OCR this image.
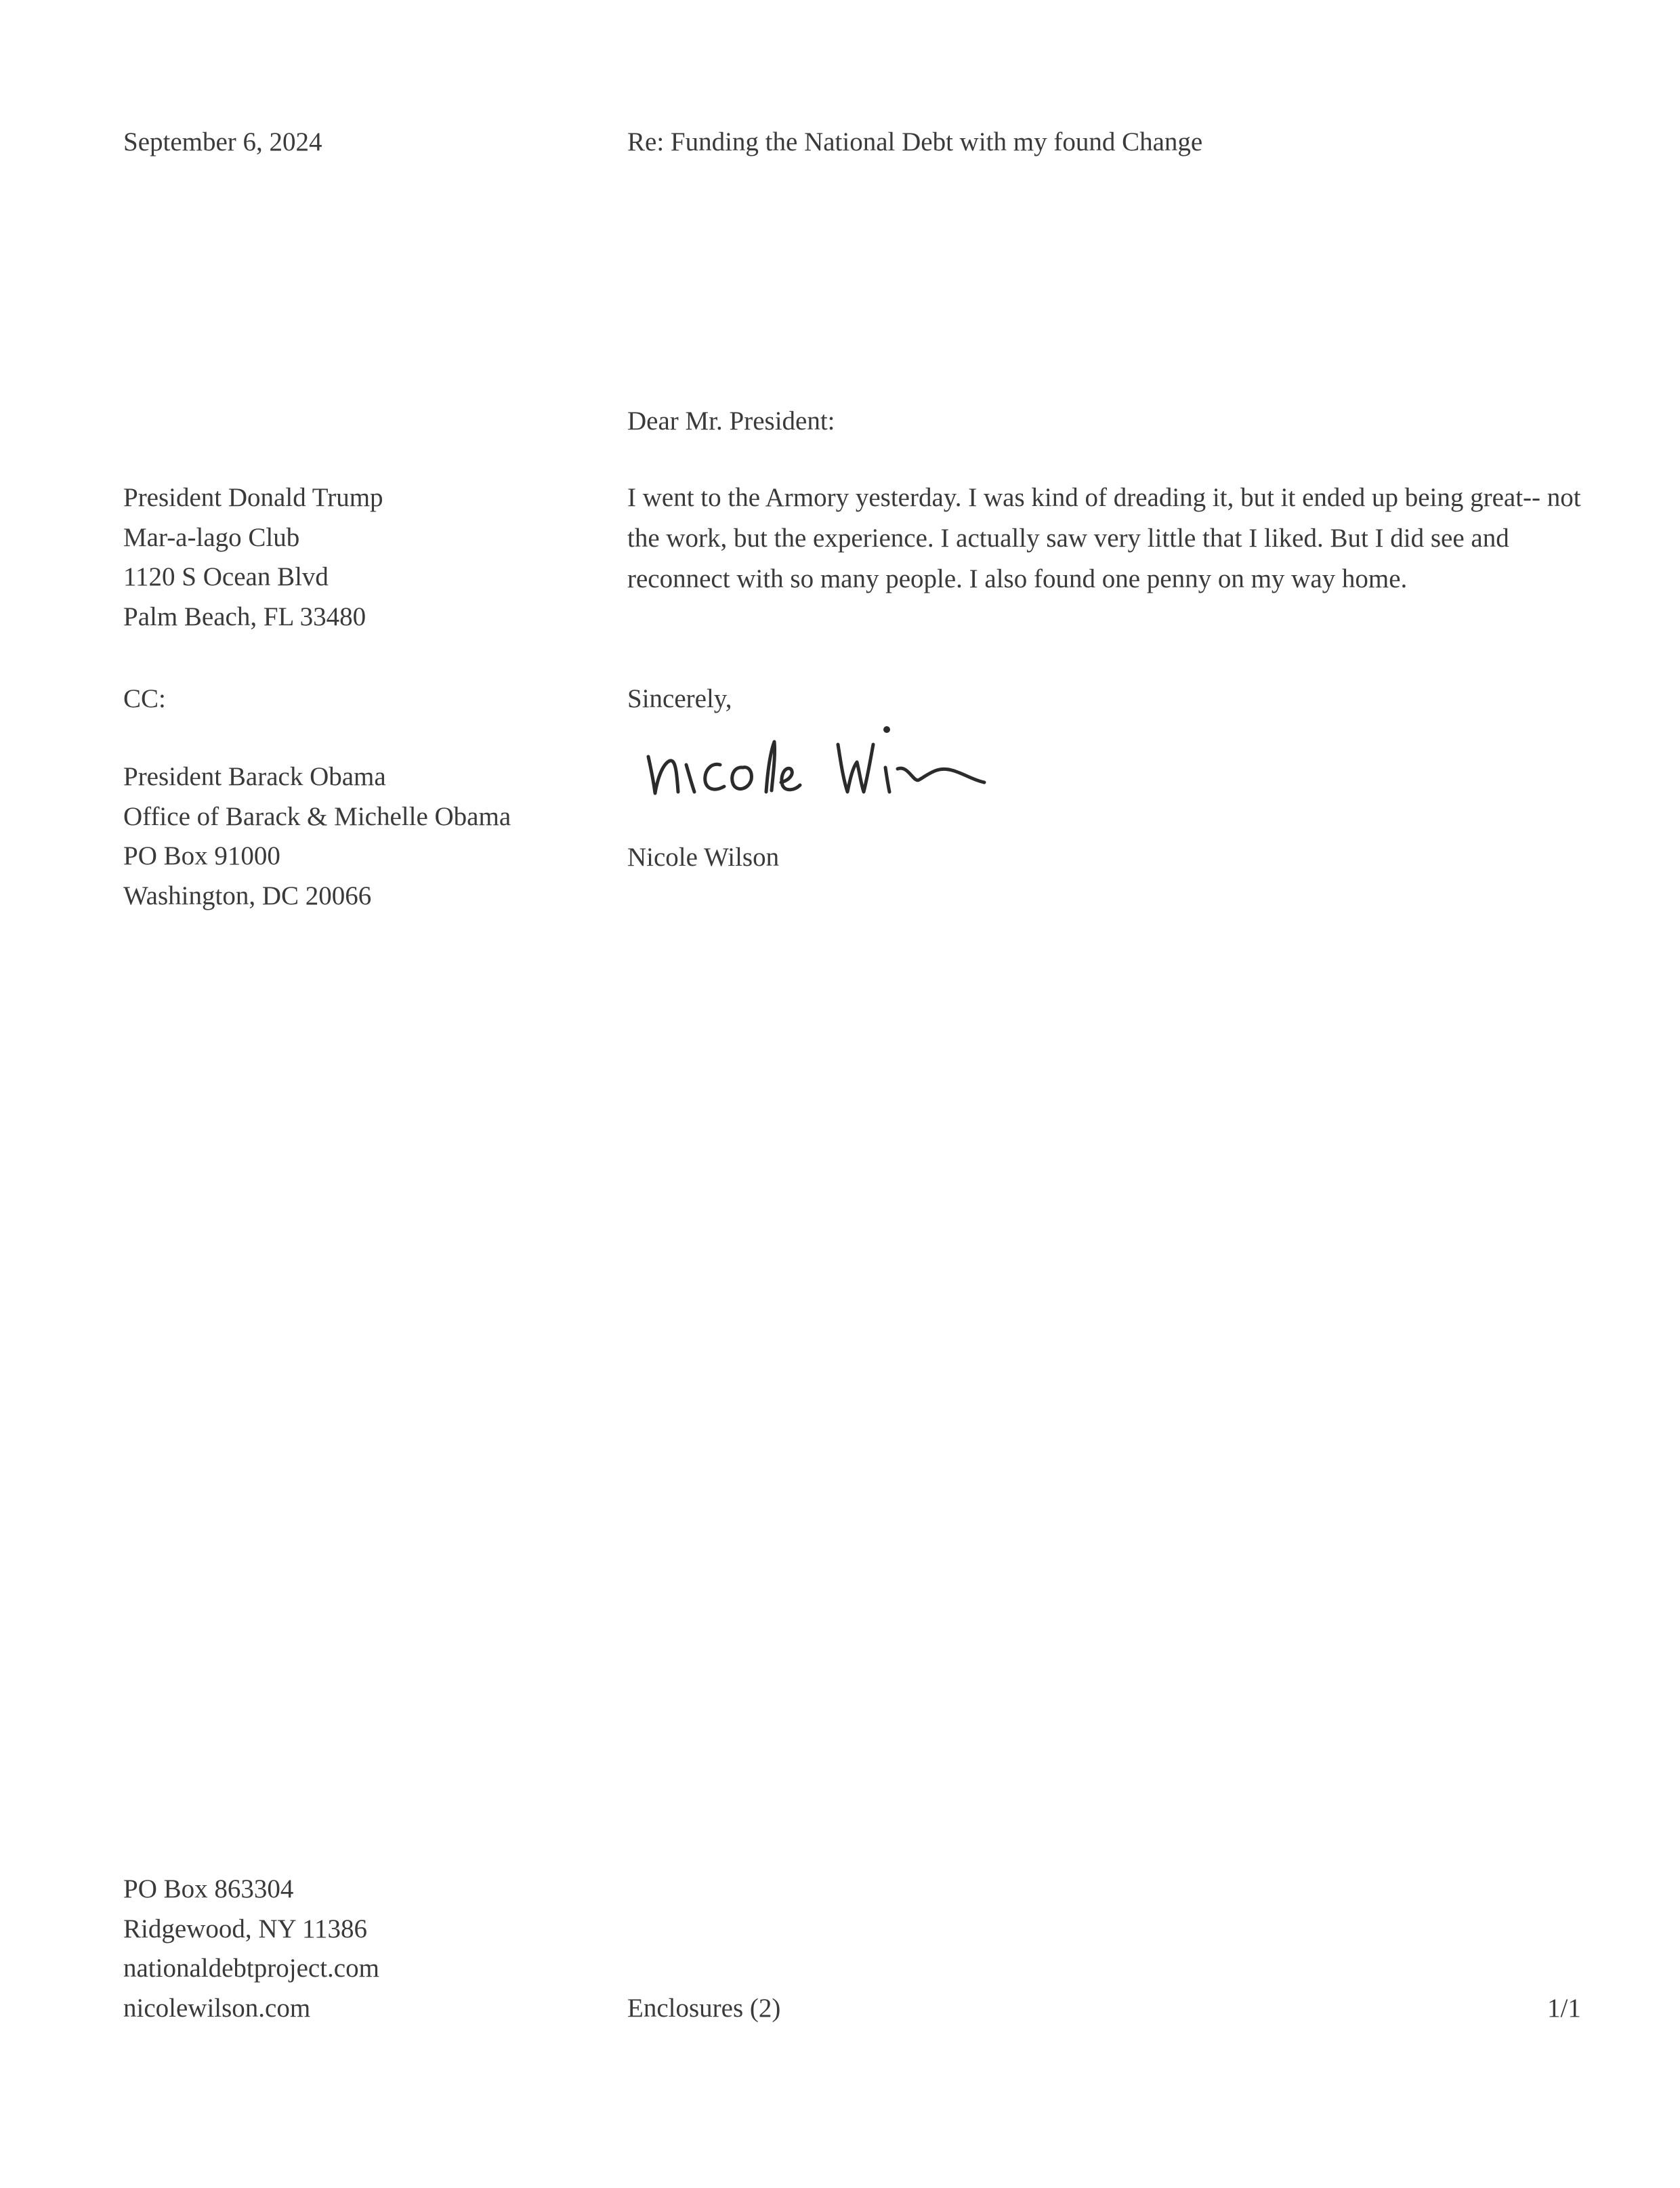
September 6, 2024	Re: Funding the National Debt with my found Change

Dear Mr. President:

President Donald Trump
Mar-a-lago Club
1120 S Ocean Blvd
Palm Beach, FL 33480

I went to the Armory yesterday. I was kind of dreading it, but it ended up being great-- not the work, but the experience. I actually saw very little that I liked. But I did see and reconnect with so many people. I also found one penny on my way home.

CC:	Sincerely,

President Barack Obama
Office of Barack & Michelle Obama
PO Box 91000
Washington, DC 20066

Nicole Wilson

PO Box 863304
Ridgewood, NY 11386
nationaldebtproject.com
nicolewilson.com	Enclosures (2)	1/1
